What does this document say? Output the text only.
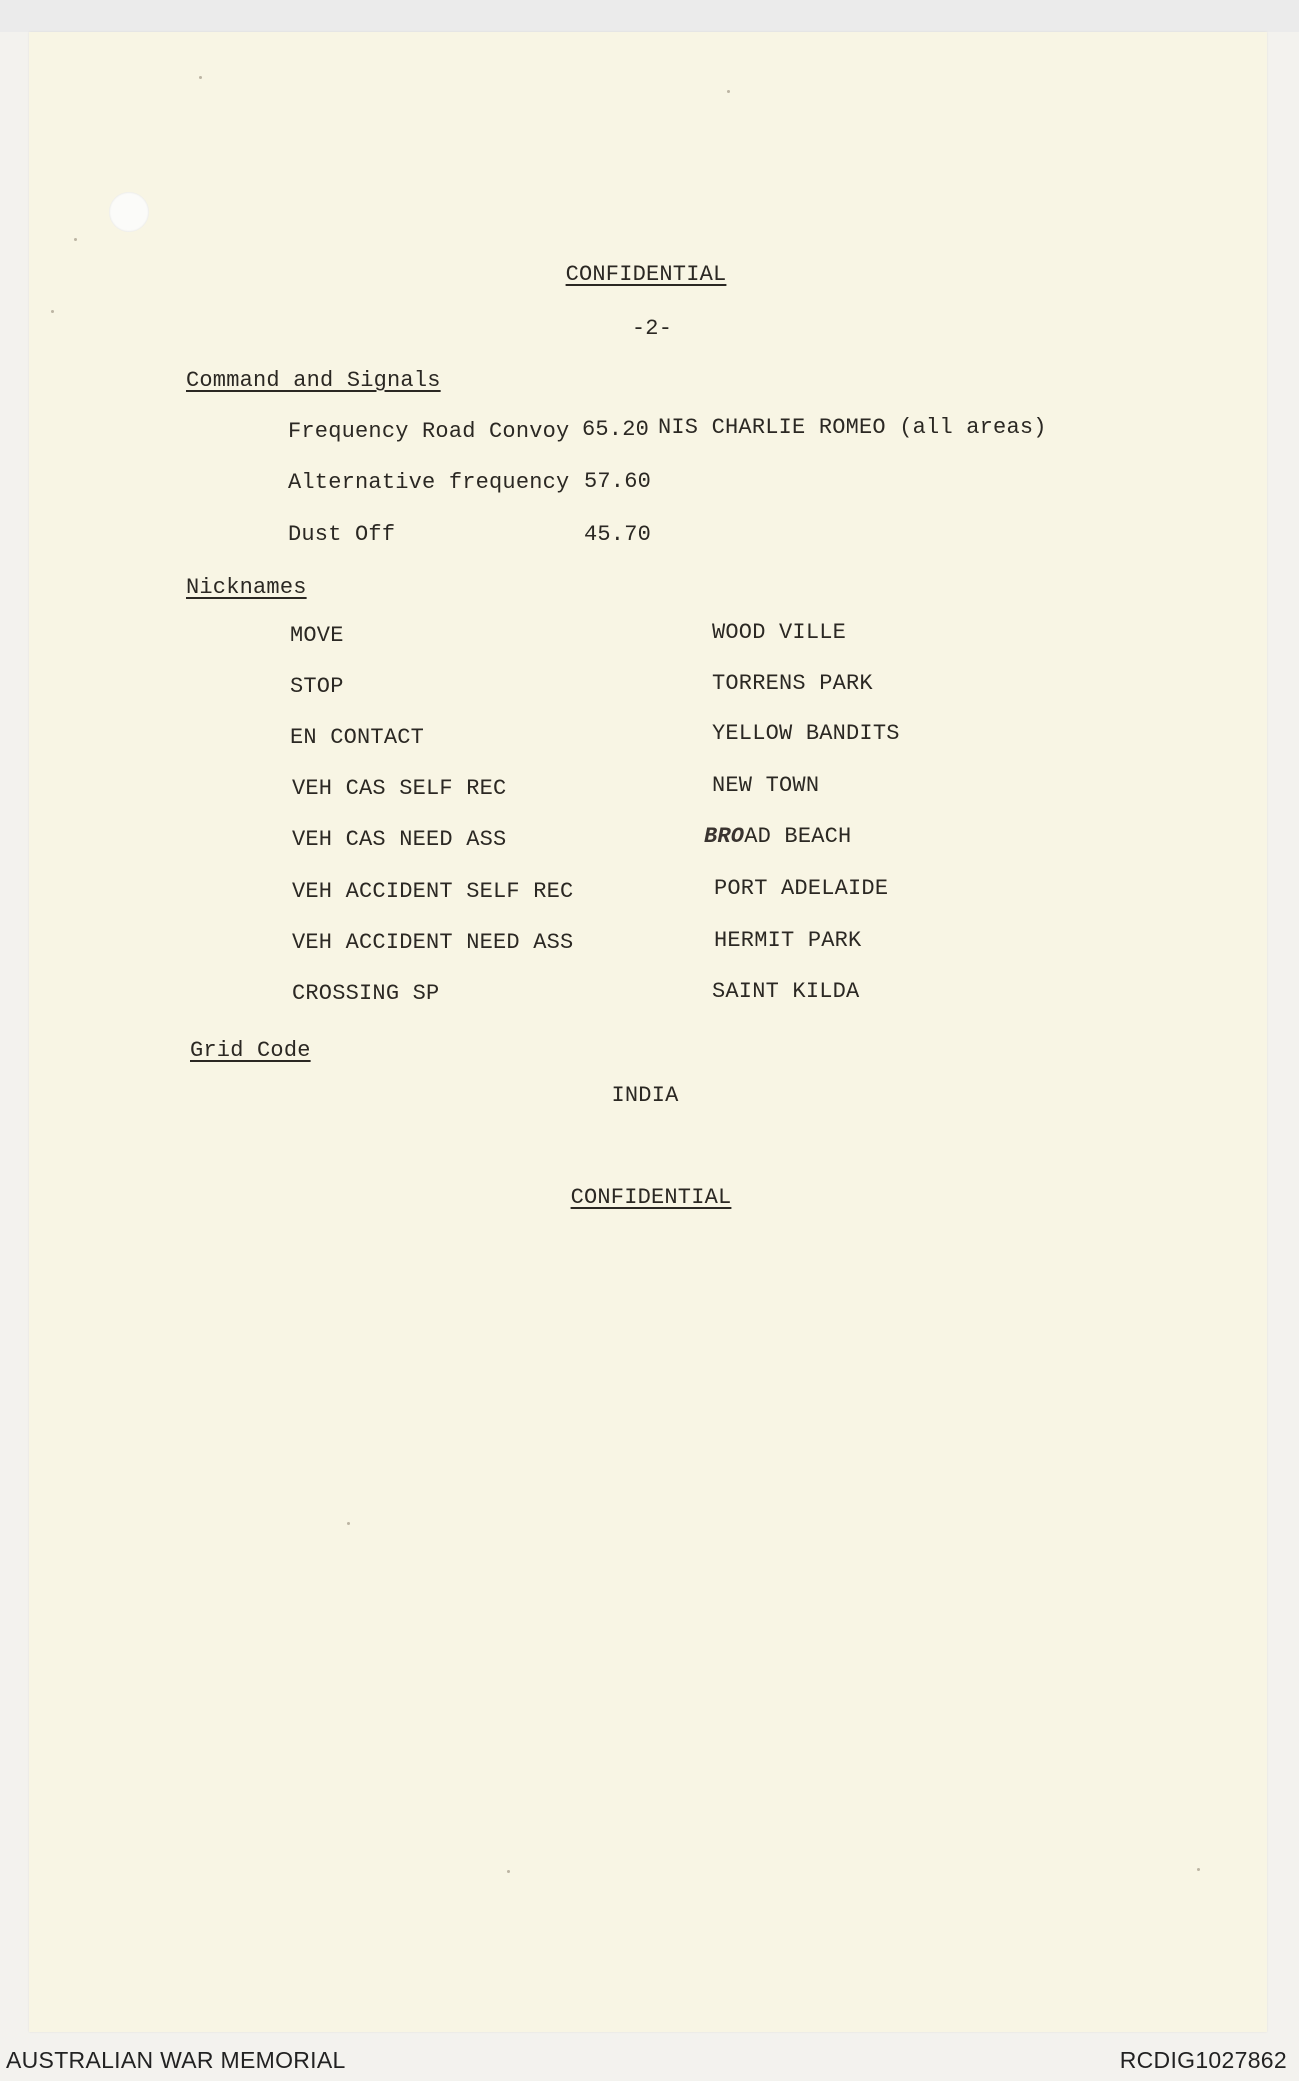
CONFIDENTIAL
-2-
Command and Signals
Frequency Road Convoy 65.20 NIS CHARLIE ROMEO (all areas)
Alternative frequency 57.60
Dust Off	45.70
Nicknames
MOVE	WOOD VILLE
STOP	TORRENS PARK
EN CONTACT	YELLOW BANDITS
VEH CAS SELF REC	NEW TOWN
VEH CAS NEED ASS	BROAD BEACH
VEH ACCIDENT SELF REC	PORT ADELAIDE
VEH ACCIDENT NEED ASS	HERMIT PARK
CROSSING SP	SAINT KILDA
Grid Code
INDIA
CONFIDENTIAL
AUSTRALIAN WAR MEMORIAL	RCDIG1027862
